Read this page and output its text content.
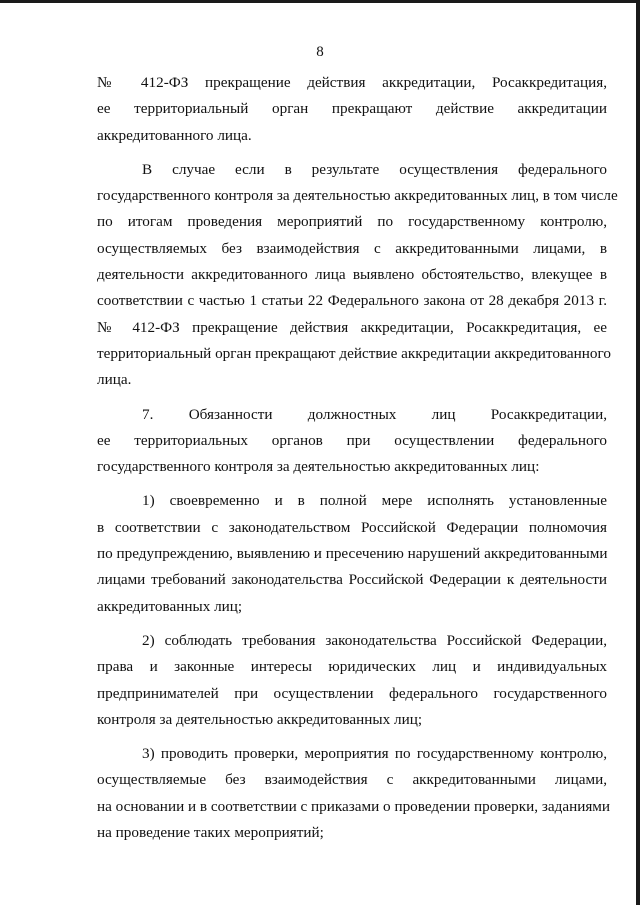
8

№ 412-ФЗ прекращение действия аккредитации, Росаккредитация,
ее территориальный орган прекращают действие аккредитации
аккредитованного лица.

В случае если в результате осуществления федерального
государственного контроля за деятельностью аккредитованных лиц, в том числе
по итогам проведения мероприятий по государственному контролю,
осуществляемых без взаимодействия с аккредитованными лицами, в
деятельности аккредитованного лица выявлено обстоятельство, влекущее в
соответствии с частью 1 статьи 22 Федерального закона от 28 декабря 2013 г.
№ 412-ФЗ прекращение действия аккредитации, Росаккредитация, ее
территориальный орган прекращают действие аккредитации аккредитованного
лица.

7. Обязанности должностных лиц Росаккредитации,
ее территориальных органов при осуществлении федерального
государственного контроля за деятельностью аккредитованных лиц:

1) своевременно и в полной мере исполнять установленные
в соответствии с законодательством Российской Федерации полномочия
по предупреждению, выявлению и пресечению нарушений аккредитованными
лицами требований законодательства Российской Федерации к деятельности
аккредитованных лиц;

2) соблюдать требования законодательства Российской Федерации,
права и законные интересы юридических лиц и индивидуальных
предпринимателей при осуществлении федерального государственного
контроля за деятельностью аккредитованных лиц;

3) проводить проверки, мероприятия по государственному контролю,
осуществляемые без взаимодействия с аккредитованными лицами,
на основании и в соответствии с приказами о проведении проверки, заданиями
на проведение таких мероприятий;
